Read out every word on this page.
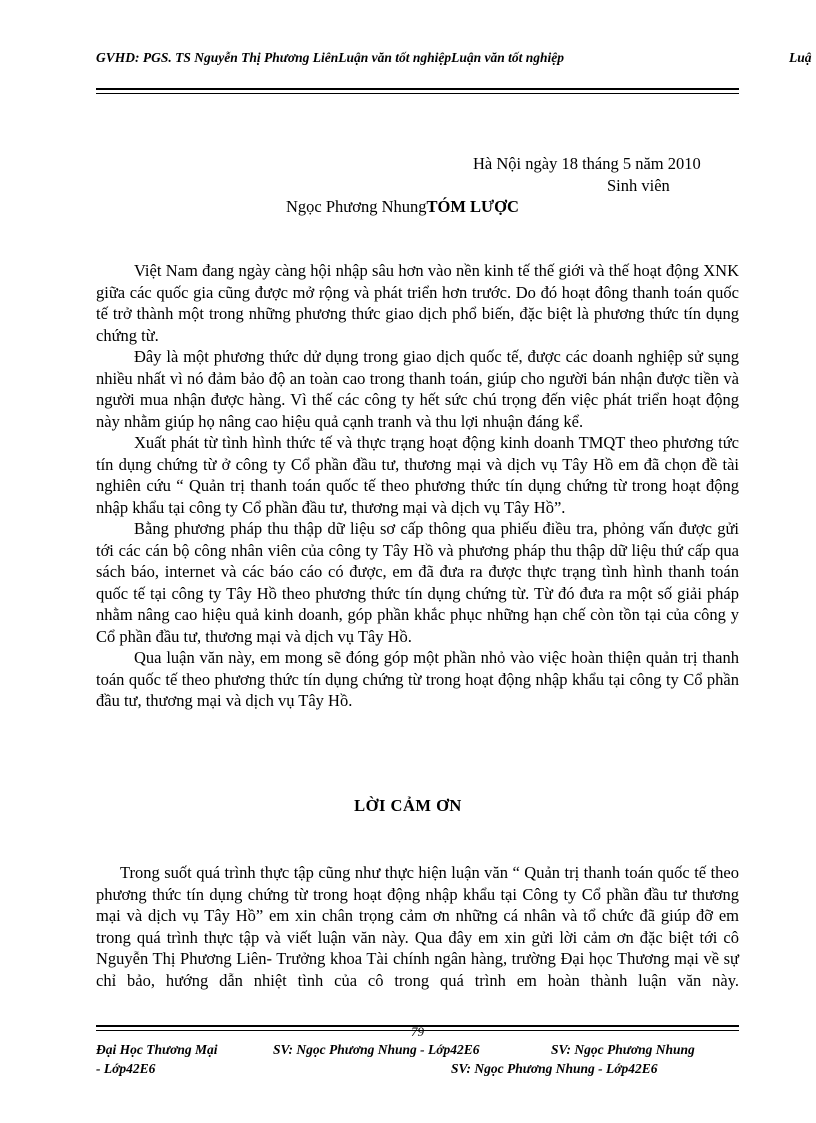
GVHD: PGS. TS Nguyễn Thị Phương LiênLuận văn tốt nghiệpLuận văn tốt nghiệp	Luậ
Hà Nội ngày 18 tháng 5 năm 2010
Sinh viên
Ngọc Phương NhungTÓM LƯỢC

Việt Nam đang ngày càng hội nhập sâu hơn vào nền kinh tế thế giới và thế hoạt động XNK giữa các quốc gia cũng được mở rộng và phát triển hơn trước. Do đó hoạt đông thanh toán quốc tế trở thành một trong những phương thức giao dịch phổ biến, đặc biệt là phương thức tín dụng chứng từ.

Đây là một phương thức dử dụng trong giao dịch quốc tế, được các doanh nghiệp sử sụng nhiều nhất vì nó đảm bảo độ an toàn cao trong thanh toán, giúp cho người bán nhận được tiền và người mua nhận được hàng. Vì thế các công ty hết sức chú trọng đến việc phát triển hoạt động này nhằm giúp họ nâng cao hiệu quả cạnh tranh và thu lợi nhuận đáng kể.

Xuất phát từ tình hình thức tế và thực trạng hoạt động kinh doanh TMQT theo phương tức tín dụng chứng từ ở công ty Cổ phần đầu tư, thương mại và dịch vụ Tây Hồ em đã chọn đề tài nghiên cứu “ Quản trị thanh toán quốc tế theo phương thức tín dụng chứng từ trong hoạt động nhập khẩu tại công ty Cổ phần đầu tư, thương mại và dịch vụ Tây Hồ”.

Bằng phương pháp thu thập dữ liệu sơ cấp thông qua phiếu điều tra, phỏng vấn được gửi tới các cán bộ công nhân viên của công ty Tây Hồ và phương pháp thu thập dữ liệu thứ cấp qua sách báo, internet và các báo cáo có được, em đã đưa ra được thực trạng tình hình thanh toán quốc tế tại công ty Tây Hồ theo phương thức tín dụng chứng từ. Từ đó đưa ra một số giải pháp nhằm nâng cao hiệu quả kinh doanh, góp phần khắc phục những hạn chế còn tồn tại của công y Cổ phần đầu tư, thương mại và dịch vụ Tây Hồ.

Qua luận văn này, em mong sẽ đóng góp một phần nhỏ vào việc hoàn thiện quản trị thanh toán quốc tế theo phương thức tín dụng chứng từ trong hoạt động nhập khẩu tại công ty Cổ phần đầu tư, thương mại và dịch vụ Tây Hồ.

LỜI CẢM ƠN

Trong suốt quá trình thực tập cũng như thực hiện luận văn “ Quản trị thanh toán quốc tế theo phương thức tín dụng chứng từ trong hoạt động nhập khẩu tại Công ty Cổ phần đầu tư thương mại và dịch vụ Tây Hồ” em xin chân trọng cảm ơn những cá nhân và tổ chức đã giúp đỡ em trong quá trình thực tập và viết luận văn này. Qua đây em xin gửi lời cảm ơn đặc biệt tới cô Nguyễn Thị Phương Liên- Trưởng khoa Tài chính ngân hàng, trường Đại học Thương mại về sự chỉ bảo, hướng dẫn nhiệt tình của cô trong quá trình em hoàn thành luận văn này.

79
Đại Học Thương Mại	SV: Ngọc Phương Nhung - Lớp42E6	SV: Ngọc Phương Nhung
- Lớp42E6	SV: Ngọc Phương Nhung - Lớp42E6
